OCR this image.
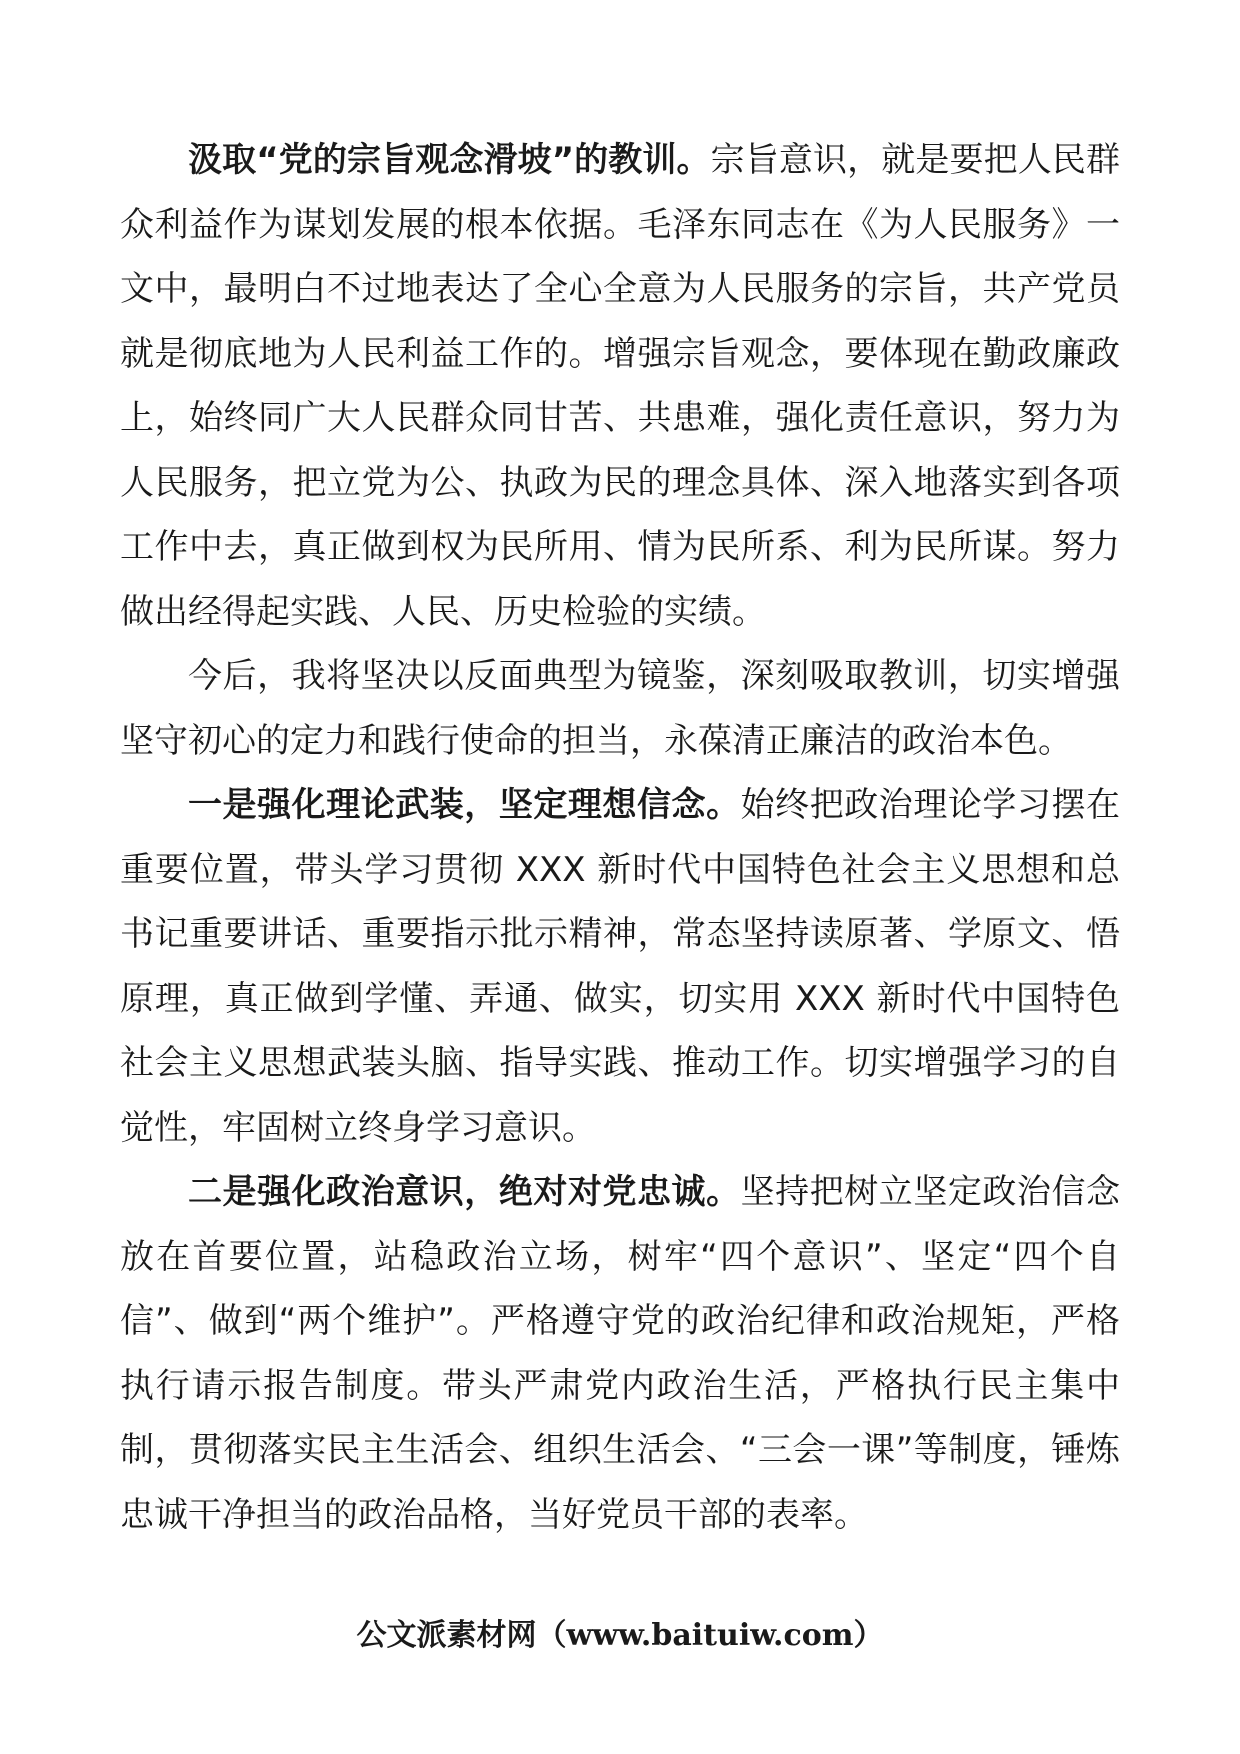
汲取“党的宗旨观念滑坡”的教训。宗旨意识，就是要把人民群众利益作为谋划发展的根本依据。毛泽东同志在《为人民服务》一文中，最明白不过地表达了全心全意为人民服务的宗旨，共产党员就是彻底地为人民利益工作的。增强宗旨观念，要体现在勤政廉政上，始终同广大人民群众同甘苦、共患难，强化责任意识，努力为人民服务，把立党为公、执政为民的理念具体、深入地落实到各项工作中去，真正做到权为民所用、情为民所系、利为民所谋。努力做出经得起实践、人民、历史检验的实绩。

今后，我将坚决以反面典型为镜鉴，深刻吸取教训，切实增强坚守初心的定力和践行使命的担当，永葆清正廉洁的政治本色。

一是强化理论武装，坚定理想信念。始终把政治理论学习摆在重要位置，带头学习贯彻 XXX 新时代中国特色社会主义思想和总书记重要讲话、重要指示批示精神，常态坚持读原著、学原文、悟原理，真正做到学懂、弄通、做实，切实用 XXX 新时代中国特色社会主义思想武装头脑、指导实践、推动工作。切实增强学习的自觉性，牢固树立终身学习意识。

二是强化政治意识，绝对对党忠诚。坚持把树立坚定政治信念放在首要位置，站稳政治立场，树牢“四个意识”、坚定“四个自信”、做到“两个维护”。严格遵守党的政治纪律和政治规矩，严格执行请示报告制度。带头严肃党内政治生活，严格执行民主集中制，贯彻落实民主生活会、组织生活会、“三会一课”等制度，锤炼忠诚干净担当的政治品格，当好党员干部的表率。

公文派素材网（www.baituiw.com）
